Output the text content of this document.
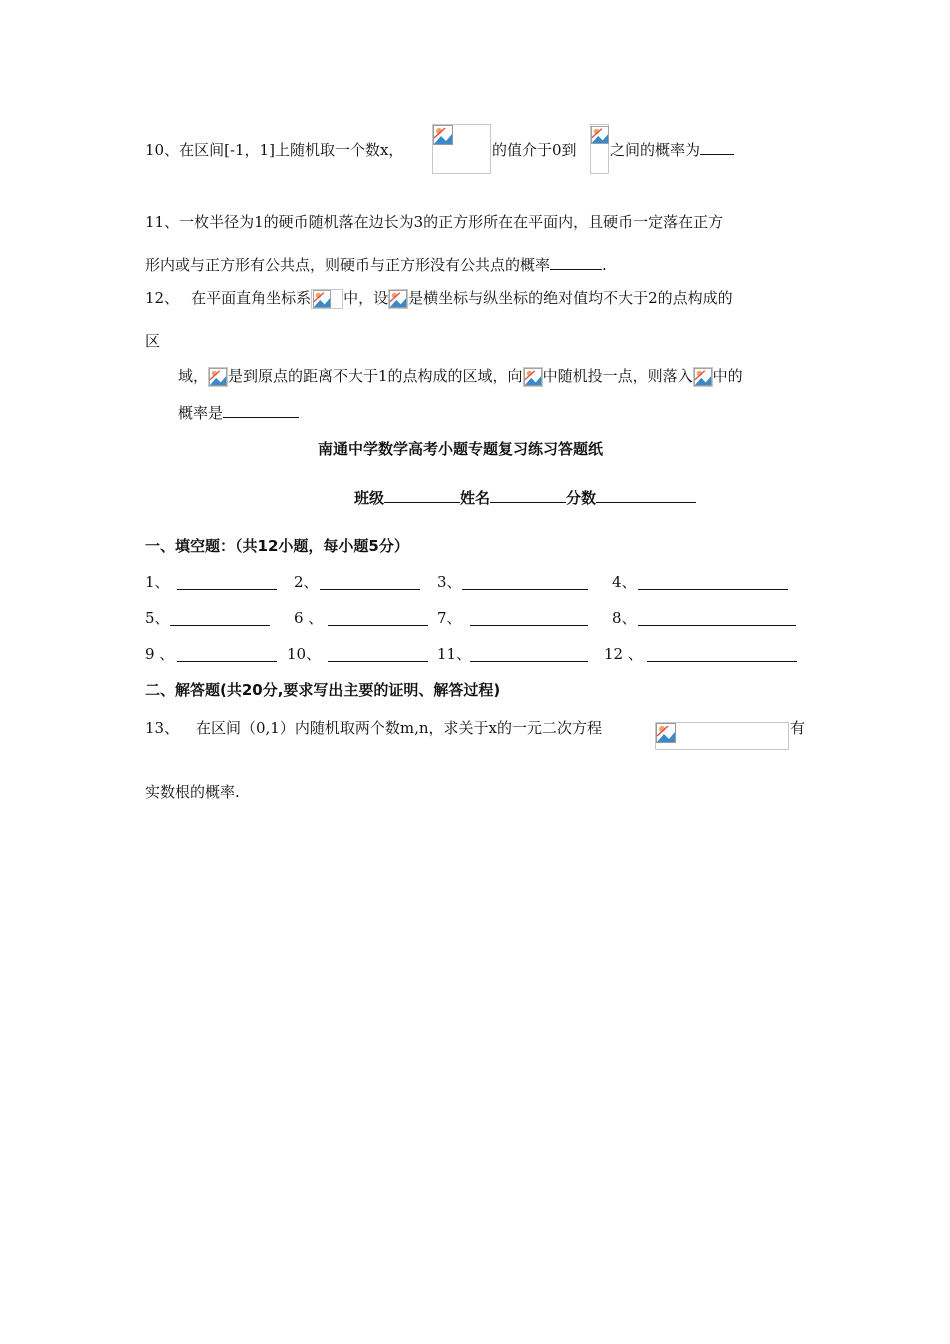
10、在区间[-1，1]上随机取一个数x，	的值介于0到 之间的概率为
11、一枚半径为1的硬币随机落在边长为3的正方形所在在平面内，且硬币一定落在正方
形内或与正方形有公共点，则硬币与正方形没有公共点的概率	.
12、 在平面直角坐标系 中，设 是横坐标与纵坐标的绝对值均不大于2的点构成的
区
域， 是到原点的距离不大于1的点构成的区域，向 中随机投一点，则落入 中的
概率是
南通中学数学高考小题专题复习练习答题纸
班级	姓名	分数
一、填空题：（共12小题，每小题5分）
1、	2、	3、	4、
5、	6 、	7、	8、
9 、	10、	11、	12 、
二、解答题(共20分,要求写出主要的证明、解答过程)
13、 在区间（0,1）内随机取两个数m,n，求关于x的一元二次方程	有
实数根的概率.
